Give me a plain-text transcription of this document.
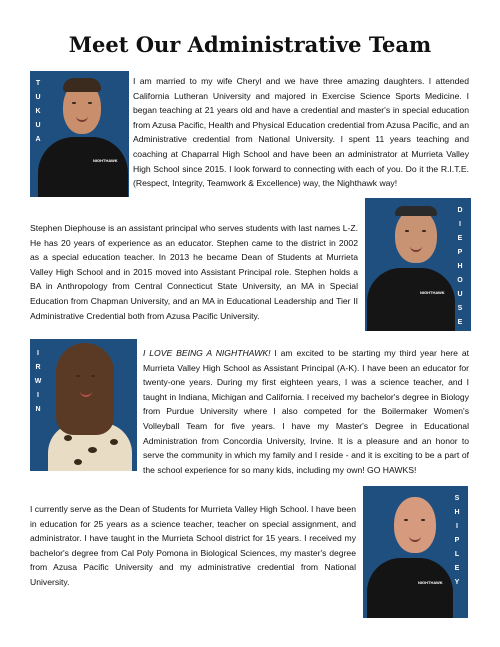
Meet Our Administrative Team
T
U
K
U
A
NIGHTHAWK
I am married to my wife Cheryl and we have three amazing daughters. I attended California Lutheran University and majored in Exercise Science Sports Medicine. I began teaching at 21 years old and have a credential and master's in special education from Azusa Pacific, Health and Physical Education credential from Azusa Pacific, and an Administrative credential from National University. I spent 11 years teaching and coaching at Chaparral High School and have been an administrator at Murrieta Valley High School since 2015. I look forward to connecting with each of you. Do it the R.I.T.E. (Respect, Integrity, Teamwork & Excellence) way, the Nighthawk way!
D
I
E
P
H
O
U
S
E
NIGHTHAWK
Stephen Diephouse is an assistant principal who serves students with last names L-Z. He has 20 years of experience as an educator. Stephen came to the district in 2002 as a special education teacher. In 2013 he became Dean of Students at Murrieta Valley High School and in 2015 moved into Assistant Principal role. Stephen holds a BA in Anthropology from Central Connecticut State University, an MA in Special Education from Chapman University, and an MA in Educational Leadership and Tier II Administrative Credential both from Azusa Pacific University.
I
R
W
I
N
I LOVE BEING A NIGHTHAWK! I am excited to be starting my third year here at Murrieta Valley High School as Assistant Principal (A-K). I have been an educator for twenty-one years. During my first eighteen years, I was a science teacher, and I taught in Indiana, Michigan and California. I received my bachelor's degree in Biology from Purdue University where I also competed for the Boilermaker Women's Volleyball Team for five years. I have my Master's Degree in Educational Administration from Concordia University, Irvine. It is a pleasure and an honor to serve the community in which my family and I reside - and it is exciting to be a part of the school experience for so many kids, including my own! GO HAWKS!
S
H
I
P
L
E
Y
NIGHTHAWK
I currently serve as the Dean of Students for Murrieta Valley High School. I have been in education for 25 years as a science teacher, teacher on special assignment, and administrator. I have taught in the Murrieta School district for 15 years. I received my bachelor's degree from Cal Poly Pomona in Biological Sciences, my master's degree from Azusa Pacific University and my administrative credential from National University.
